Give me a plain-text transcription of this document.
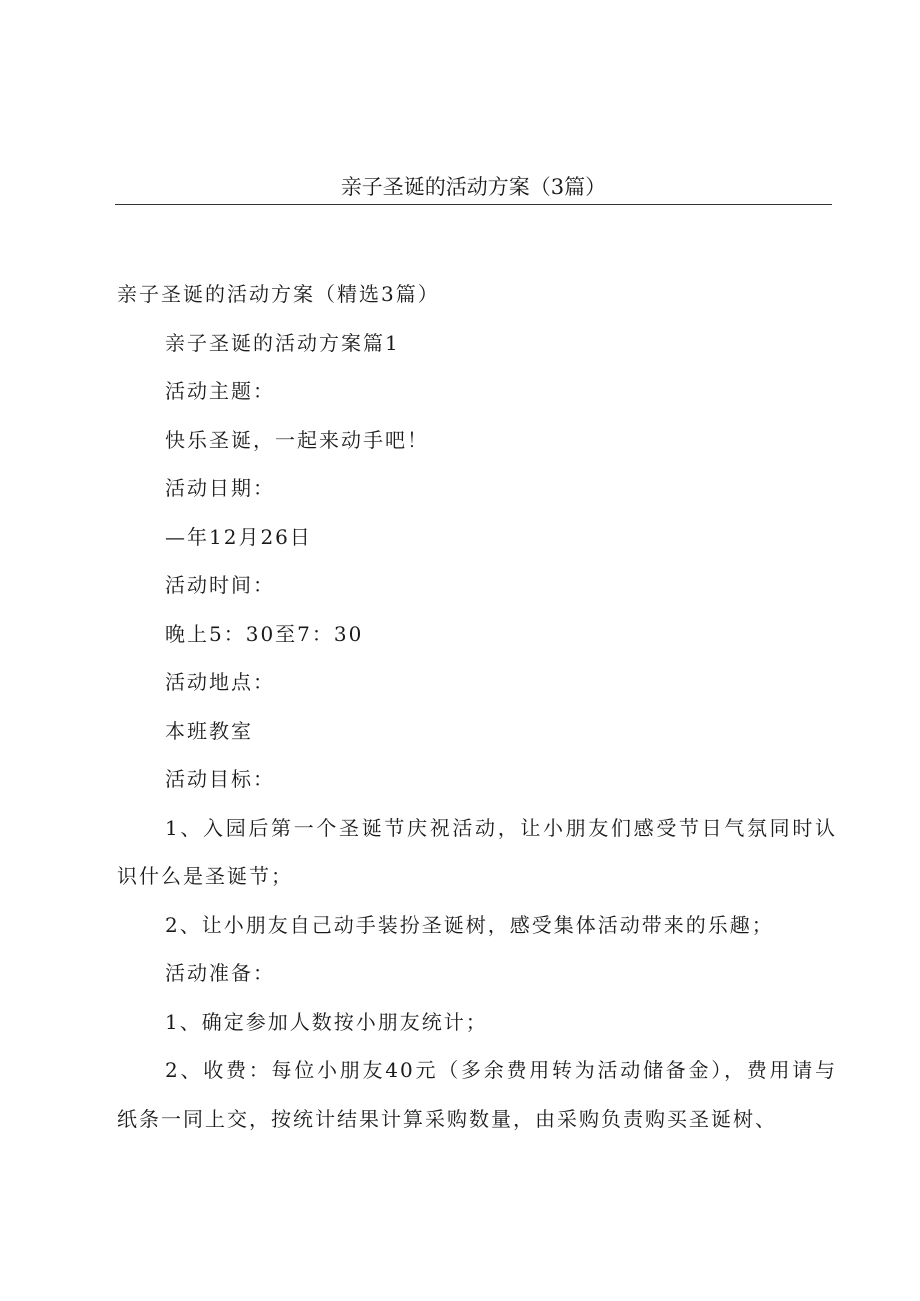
亲子圣诞的活动方案（3篇）

亲子圣诞的活动方案（精选3篇）

亲子圣诞的活动方案篇1

活动主题：

快乐圣诞，一起来动手吧！

活动日期：

—年12月26日

活动时间：

晚上5：30至7：30

活动地点：

本班教室

活动目标：

1、入园后第一个圣诞节庆祝活动，让小朋友们感受节日气氛同时认识什么是圣诞节；

2、让小朋友自己动手装扮圣诞树，感受集体活动带来的乐趣；

活动准备：

1、确定参加人数按小朋友统计；

2、收费：每位小朋友40元（多余费用转为活动储备金），费用请与纸条一同上交，按统计结果计算采购数量，由采购负责购买圣诞树、
